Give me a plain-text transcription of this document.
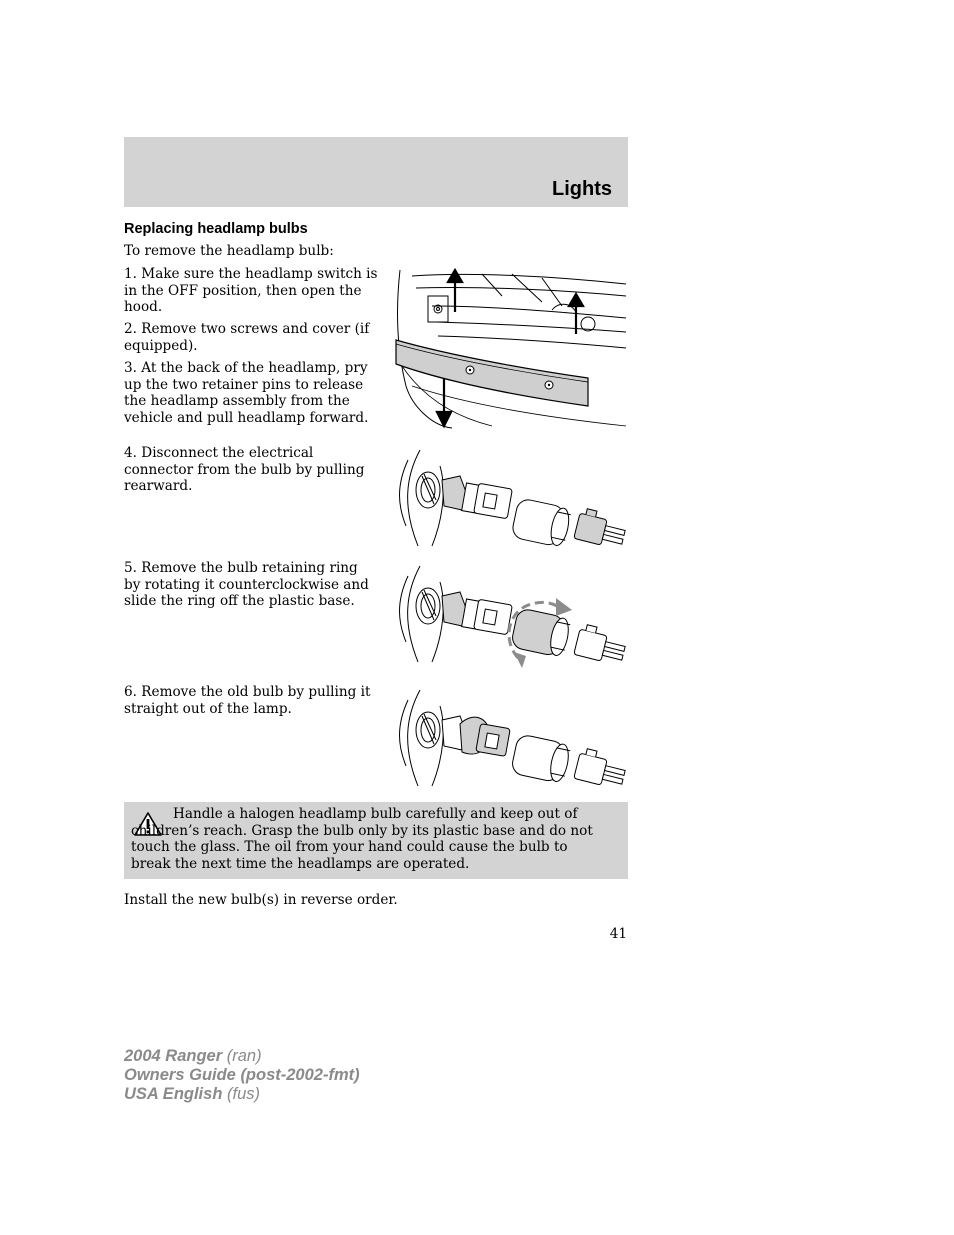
Lights
Replacing headlamp bulbs
To remove the headlamp bulb:
1. Make sure the headlamp switch is in the OFF position, then open the hood.
2. Remove two screws and cover (if equipped).
3. At the back of the headlamp, pry up the two retainer pins to release the headlamp assembly from the vehicle and pull headlamp forward.
4. Disconnect the electrical connector from the bulb by pulling rearward.
5. Remove the bulb retaining ring by rotating it counterclockwise and slide the ring off the plastic base.
6. Remove the old bulb by pulling it straight out of the lamp.
Handle a halogen headlamp bulb carefully and keep out of children’s reach. Grasp the bulb only by its plastic base and do not touch the glass. The oil from your hand could cause the bulb to break the next time the headlamps are operated.
Install the new bulb(s) in reverse order.
41
2004 Ranger (ran)
Owners Guide (post-2002-fmt)
USA English (fus)
